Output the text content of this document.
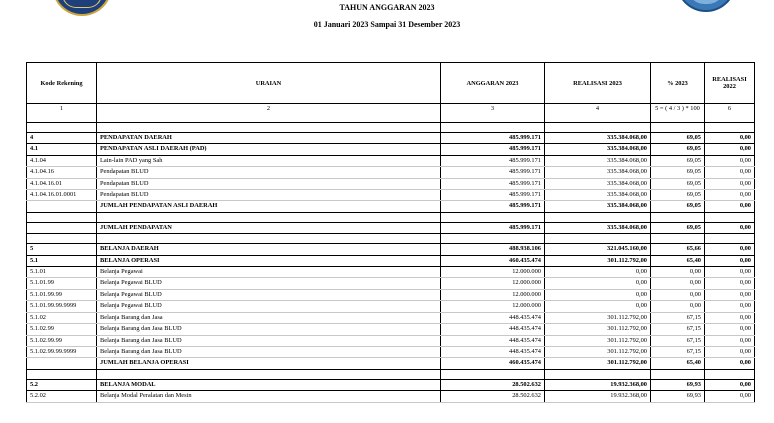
TAHUN ANGGARAN 2023
01 Januari 2023 Sampai 31 Desember 2023
Kode Rekening	URAIAN	ANGGARAN 2023	REALISASI 2023	% 2023	REALISASI 2022
1	2	3	4	5 = ( 4 / 3 ) * 100	6

4	PENDAPATAN DAERAH	485.999.171	335.384.068,00	69,05	0,00
4.1	PENDAPATAN ASLI DAERAH (PAD)	485.999.171	335.384.068,00	69,05	0,00
4.1.04	Lain-lain PAD yang Sah	485.999.171	335.384.068,00	69,05	0,00
4.1.04.16	Pendapatan BLUD	485.999.171	335.384.068,00	69,05	0,00
4.1.04.16.01	Pendapatan BLUD	485.999.171	335.384.068,00	69,05	0,00
4.1.04.16.01.0001	Pendapatan BLUD	485.999.171	335.384.068,00	69,05	0,00
	JUMLAH PENDAPATAN ASLI DAERAH	485.999.171	335.384.068,00	69,05	0,00

	JUMLAH PENDAPATAN	485.999.171	335.384.068,00	69,05	0,00

5	BELANJA DAERAH	488.938.106	321.045.160,00	65,66	0,00
5.1	BELANJA OPERASI	460.435.474	301.112.792,00	65,40	0,00
5.1.01	Belanja Pegawai	12.000.000	0,00	0,00	0,00
5.1.01.99	Belanja Pegawai BLUD	12.000.000	0,00	0,00	0,00
5.1.01.99.99	Belanja Pegawai BLUD	12.000.000	0,00	0,00	0,00
5.1.01.99.99.9999	Belanja Pegawai BLUD	12.000.000	0,00	0,00	0,00
5.1.02	Belanja Barang dan Jasa	448.435.474	301.112.792,00	67,15	0,00
5.1.02.99	Belanja Barang dan Jasa BLUD	448.435.474	301.112.792,00	67,15	0,00
5.1.02.99.99	Belanja Barang dan Jasa BLUD	448.435.474	301.112.792,00	67,15	0,00
5.1.02.99.99.9999	Belanja Barang dan Jasa BLUD	448.435.474	301.112.792,00	67,15	0,00
	JUMLAH BELANJA OPERASI	460.435.474	301.112.792,00	65,40	0,00

5.2	BELANJA MODAL	28.502.632	19.932.368,00	69,93	0,00
5.2.02	Belanja Modal Peralatan dan Mesin	28.502.632	19.932.368,00	69,93	0,00
